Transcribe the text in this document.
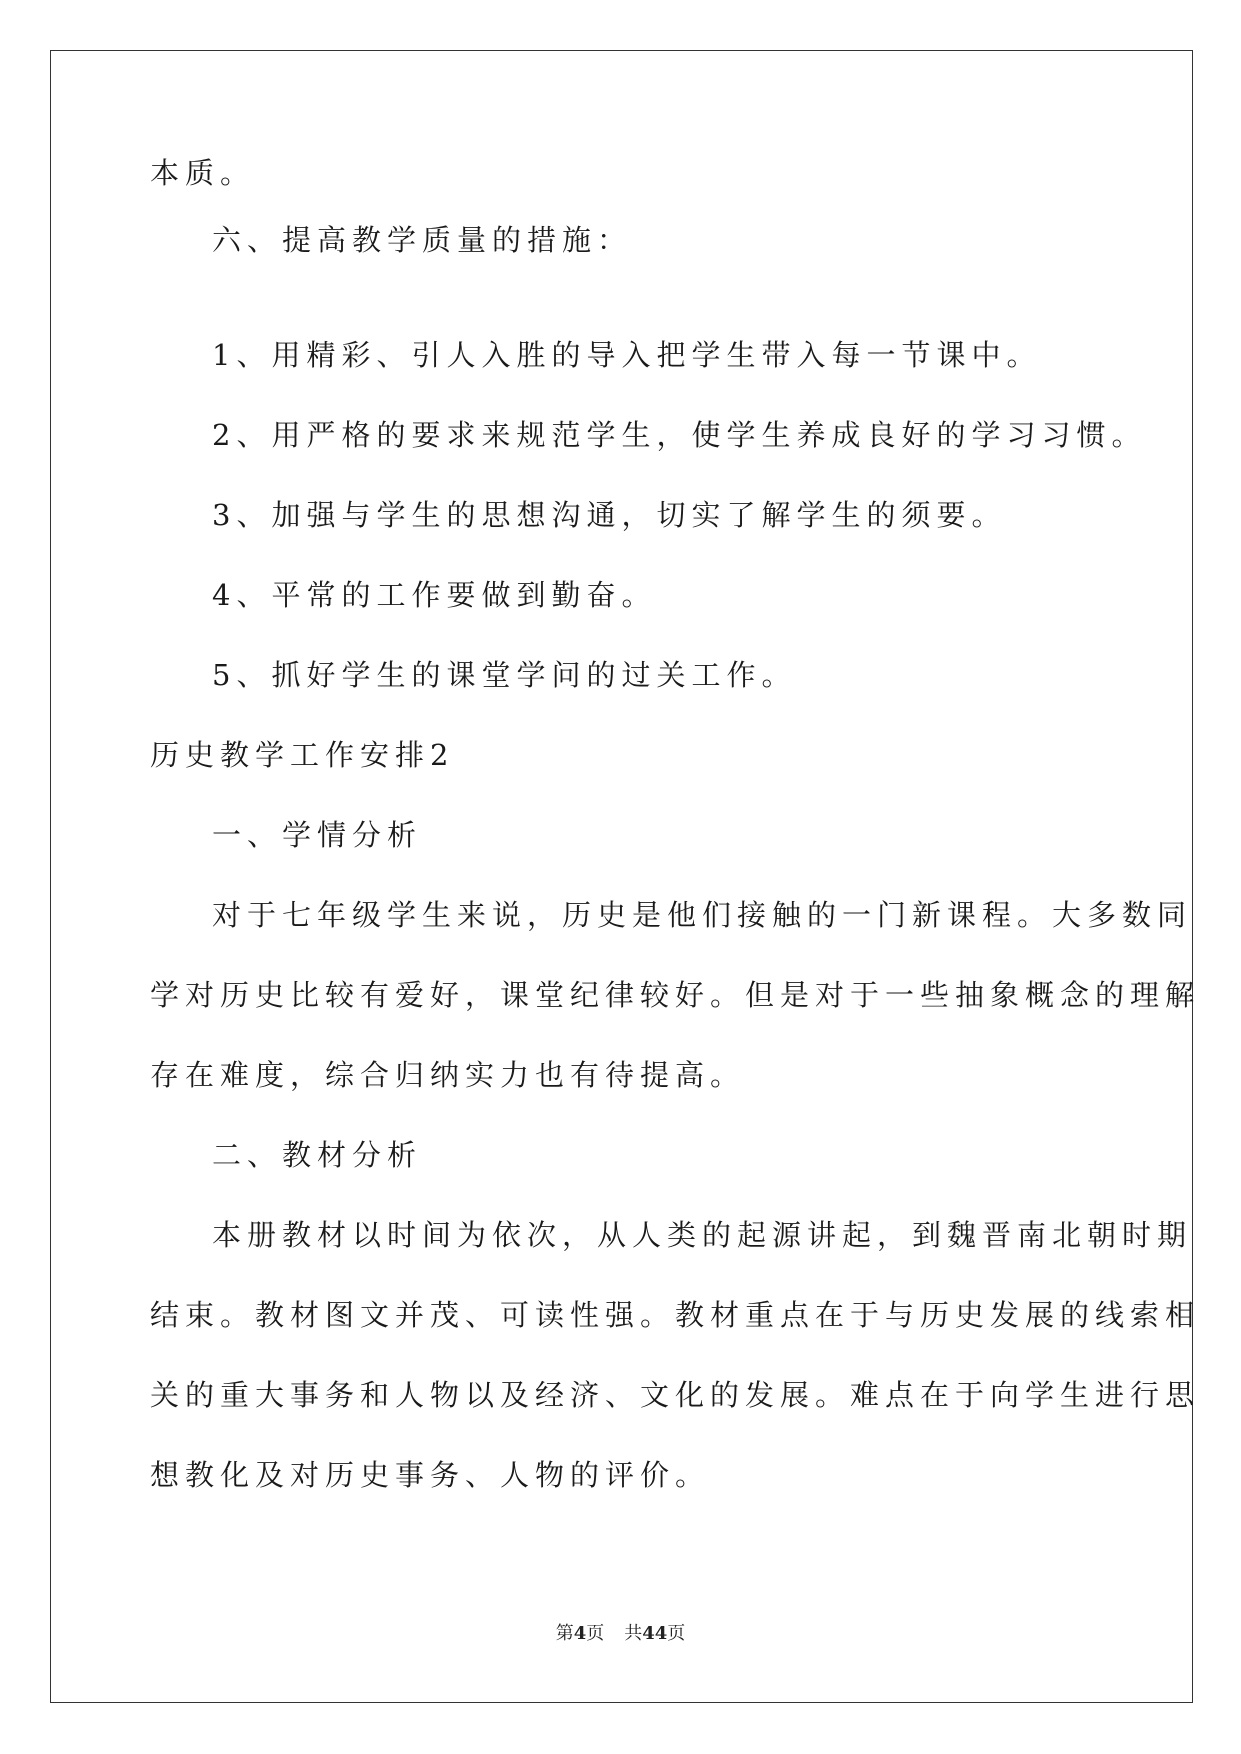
本质。
六、提高教学质量的措施：
1、用精彩、引人入胜的导入把学生带入每一节课中。
2、用严格的要求来规范学生，使学生养成良好的学习习惯。
3、加强与学生的思想沟通，切实了解学生的须要。
4、平常的工作要做到勤奋。
5、抓好学生的课堂学问的过关工作。
历史教学工作安排2
一、学情分析
对于七年级学生来说，历史是他们接触的一门新课程。大多数同
学对历史比较有爱好，课堂纪律较好。但是对于一些抽象概念的理解
存在难度，综合归纳实力也有待提高。
二、教材分析
本册教材以时间为依次，从人类的起源讲起，到魏晋南北朝时期
结束。教材图文并茂、可读性强。教材重点在于与历史发展的线索相
关的重大事务和人物以及经济、文化的发展。难点在于向学生进行思
想教化及对历史事务、人物的评价。
第4页 共44页
